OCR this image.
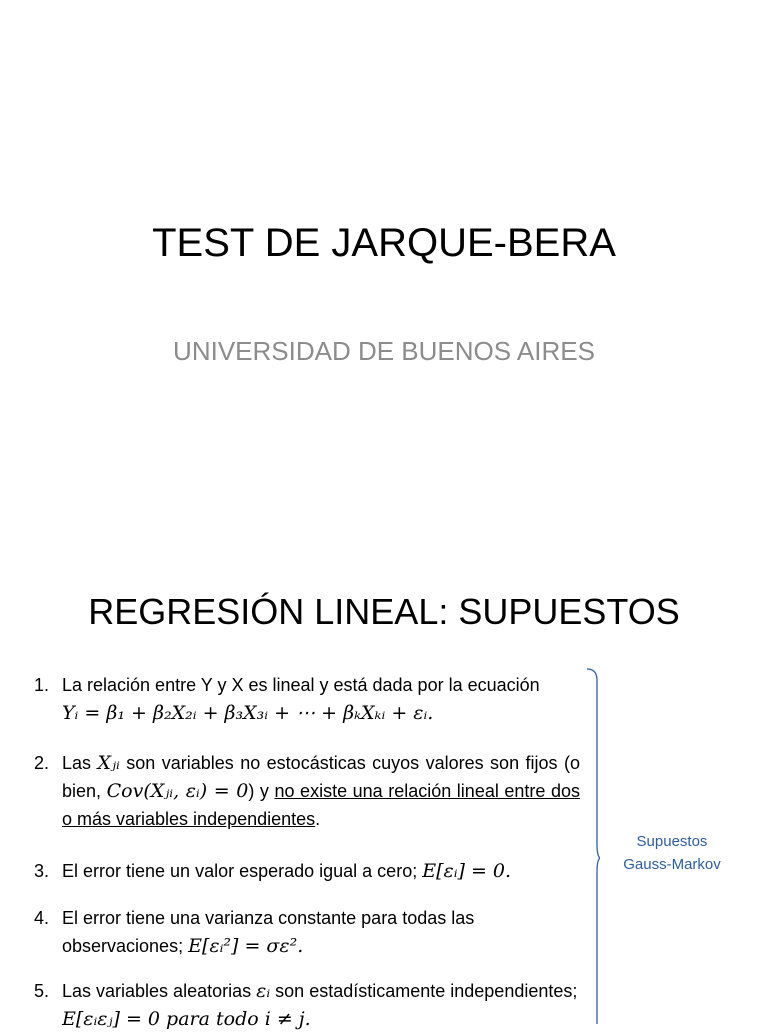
TEST DE JARQUE-BERA
UNIVERSIDAD DE BUENOS AIRES
REGRESIÓN LINEAL: SUPUESTOS
1. La relación entre Y y X es lineal y está dada por la ecuación
Yᵢ = β₁ + β₂X₂ᵢ + β₃X₃ᵢ + ⋯ + βₖXₖᵢ + εᵢ.
2. Las Xⱼᵢ son variables no estocásticas cuyos valores son fijos (o bien, Cov(Xⱼᵢ, εᵢ) = 0) y no existe una relación lineal entre dos o más variables independientes.
3. El error tiene un valor esperado igual a cero; E[εᵢ] = 0.
4. El error tiene una varianza constante para todas las observaciones; E[εᵢ²] = σε².
5. Las variables aleatorias εᵢ son estadísticamente independientes; E[εᵢεⱼ] = 0 para todo i ≠ j.
Supuestos
Gauss-Markov
